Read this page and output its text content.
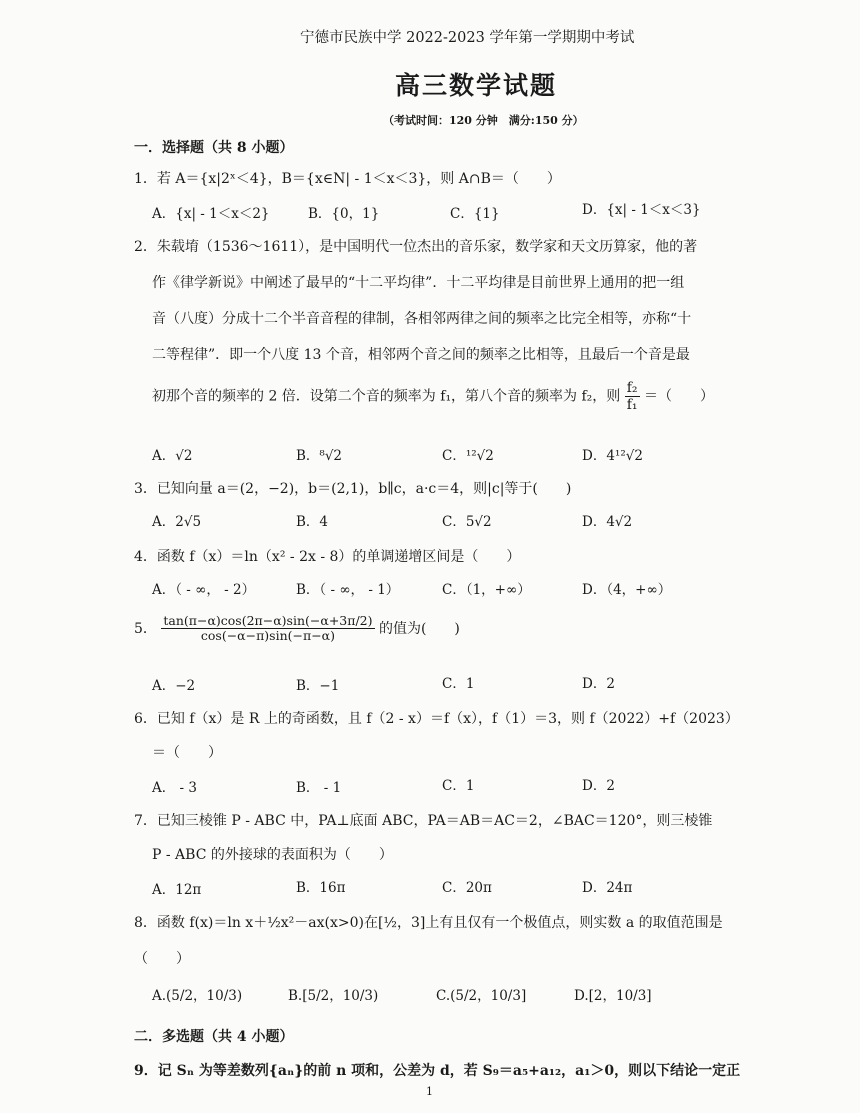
宁德市民族中学 2022-2023 学年第一学期期中考试
高三数学试题
（考试时间：120 分钟　满分:150 分）
一．选择题（共 8 小题）
1．若 A＝{x|2ˣ＜4}，B＝{x∈N| - 1＜x＜3}，则 A∩B＝（　　）
A．{x| - 1＜x＜2}	B．{0，1}	C．{1}	D．{x| - 1＜x＜3}
2．朱载堉（1536～1611），是中国明代一位杰出的音乐家，数学家和天文历算家，他的著
作《律学新说》中阐述了最早的“十二平均律”．十二平均律是目前世界上通用的把一组
音（八度）分成十二个半音音程的律制，各相邻两律之间的频率之比完全相等，亦称“十
二等程律”．即一个八度 13 个音，相邻两个音之间的频率之比相等，且最后一个音是最
初那个音的频率的 2 倍．设第二个音的频率为 f₁，第八个音的频率为 f₂，则 $\frac{\text{f₂}}{\text{f₁}}$ ＝（　　）
A．√2	B．⁸√2	C．¹²√2	D．4¹²√2
3．已知向量 a＝(2，−2)，b＝(2,1)，b∥c，a·c＝4，则|c|等于(　　)
A．2√5	B．4	C．5√2	D．4√2
4．函数 f（x）＝ln（x² - 2x - 8）的单调递增区间是（　　）
A．（ - ∞， - 2）	B．（ - ∞， - 1）	C．（1，+∞）	D．（4，+∞）
5． $\frac{\tan(\pi-\alpha)\cos(2\pi-\alpha)\sin(-\alpha+3\pi/2)}{\cos(-\alpha-\pi)\sin(-\pi-\alpha)}$ 的值为(　　)
A．−2	B．−1	C．1	D．2
6．已知 f（x）是 R 上的奇函数，且 f（2 - x）＝f（x），f（1）＝3，则 f（2022）+f（2023）
＝（　　）
A． - 3	B． - 1	C．1	D．2
7．已知三棱锥 P - ABC 中，PA⊥底面 ABC，PA＝AB＝AC＝2，∠BAC＝120°，则三棱锥
P - ABC 的外接球的表面积为（　　）
A．12π	B．16π	C．20π	D．24π
8．函数 f(x)＝ln x＋½x²－ax(x>0)在[½，3]上有且仅有一个极值点，则实数 a 的取值范围是
（　　）
A.(5/2，10/3)	B.[5/2，10/3)	C.(5/2，10/3]	D.[2，10/3]
二．多选题（共 4 小题）
9．记 Sₙ 为等差数列{aₙ}的前 n 项和，公差为 d，若 S₉＝a₅+a₁₂，a₁＞0，则以下结论一定正
1
